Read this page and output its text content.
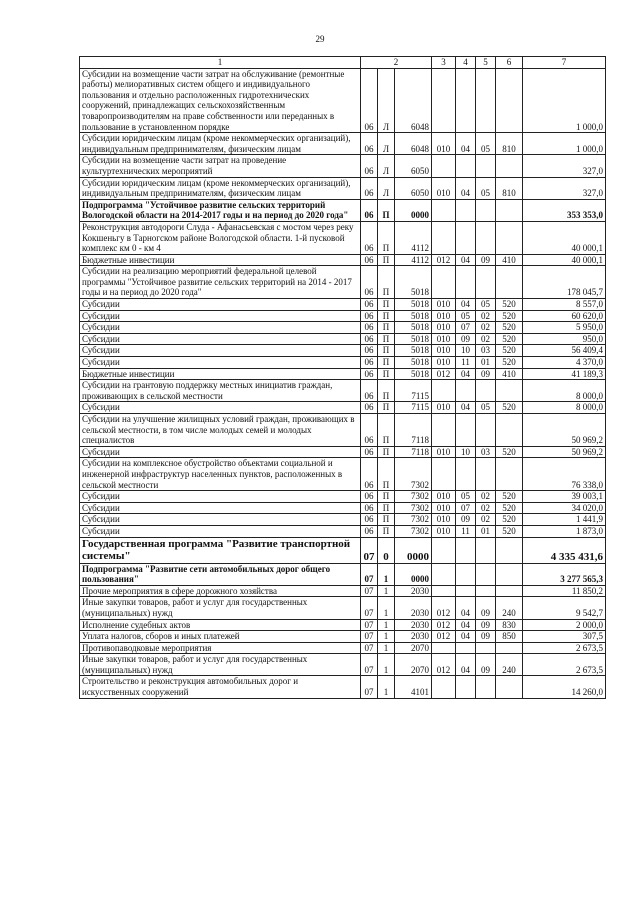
29
1	2			3	4	5	6	7
Субсидии на возмещение части затрат на обслуживание (ремонтные работы) мелиоративных систем общего и индивидуального пользования и отдельно расположенных гидротехнических сооружений, принадлежащих сельскохозяйственным товаропроизводителям на праве собственности или переданных в пользование в установленном порядке	06	Л	6048					1 000,0
Субсидии юридическим лицам (кроме некоммерческих организаций), индивидуальным предпринимателям, физическим лицам	06	Л	6048	010	04	05	810	1 000,0
Субсидии на возмещение части затрат на проведение культуртехнических мероприятий	06	Л	6050					327,0
Субсидии юридическим лицам (кроме некоммерческих организаций), индивидуальным предпринимателям, физическим лицам	06	Л	6050	010	04	05	810	327,0
Подпрограмма "Устойчивое развитие сельских территорий Вологодской области на 2014-2017 годы и на период до 2020 года"	06	П	0000					353 353,0
Реконструкция автодороги Слуда - Афанасьевская с мостом через реку Кокшеньгу в Тарногском районе Вологодской области. 1-й пусковой комплекс км 0 - км 4	06	П	4112					40 000,1
Бюджетные инвестиции	06	П	4112	012	04	09	410	40 000,1
Субсидии на реализацию мероприятий федеральной целевой программы "Устойчивое развитие сельских территорий на 2014 - 2017 годы и на период до 2020 года"	06	П	5018					178 045,7
Субсидии	06	П	5018	010	04	05	520	8 557,0
Субсидии	06	П	5018	010	05	02	520	60 620,0
Субсидии	06	П	5018	010	07	02	520	5 950,0
Субсидии	06	П	5018	010	09	02	520	950,0
Субсидии	06	П	5018	010	10	03	520	56 409,4
Субсидии	06	П	5018	010	11	01	520	4 370,0
Бюджетные инвестиции	06	П	5018	012	04	09	410	41 189,3
Субсидии на грантовую поддержку местных инициатив граждан, проживающих в сельской местности	06	П	7115					8 000,0
Субсидии	06	П	7115	010	04	05	520	8 000,0
Субсидии на улучшение жилищных условий граждан, проживающих в сельской местности, в том числе молодых семей и молодых специалистов	06	П	7118					50 969,2
Субсидии	06	П	7118	010	10	03	520	50 969,2
Субсидии на комплексное обустройство объектами социальной и инженерной инфраструктур населенных пунктов, расположенных в сельской местности	06	П	7302					76 338,0
Субсидии	06	П	7302	010	05	02	520	39 003,1
Субсидии	06	П	7302	010	07	02	520	34 020,0
Субсидии	06	П	7302	010	09	02	520	1 441,9
Субсидии	06	П	7302	010	11	01	520	1 873,0
Государственная программа "Развитие транспортной системы"	07	0	0000					4 335 431,6
Подпрограмма "Развитие сети автомобильных дорог общего пользования"	07	1	0000					3 277 565,3
Прочие мероприятия в сфере дорожного хозяйства	07	1	2030					11 850,2
Иные закупки товаров, работ и услуг для государственных (муниципальных) нужд	07	1	2030	012	04	09	240	9 542,7
Исполнение судебных актов	07	1	2030	012	04	09	830	2 000,0
Уплата налогов, сборов и иных платежей	07	1	2030	012	04	09	850	307,5
Противопаводковые мероприятия	07	1	2070					2 673,5
Иные закупки товаров, работ и услуг для государственных (муниципальных) нужд	07	1	2070	012	04	09	240	2 673,5
Строительство и реконструкция автомобильных дорог и искусственных сооружений	07	1	4101					14 260,0
